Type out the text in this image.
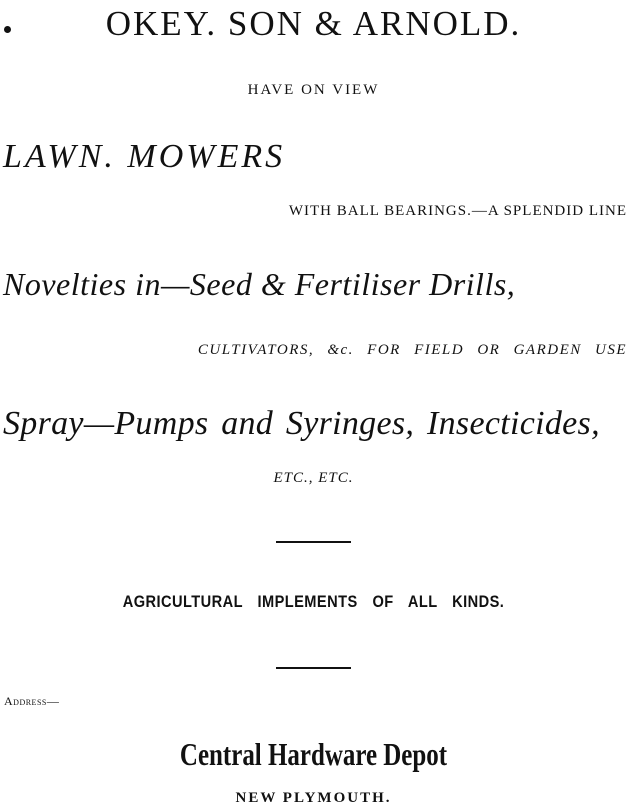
OKEY. SON & ARNOLD.
HAVE ON VIEW
LAWN. MOWERS
WITH BALL BEARINGS.—A SPLENDID LINE
Novelties in—Seed & Fertiliser Drills,
CULTIVATORS, &c. FOR FIELD OR GARDEN USE
Spray—Pumps and Syringes, Insecticides,
ETC., ETC.
AGRICULTURAL IMPLEMENTS OF ALL KINDS.
Address—
Central Hardware Depot
NEW PLYMOUTH.
